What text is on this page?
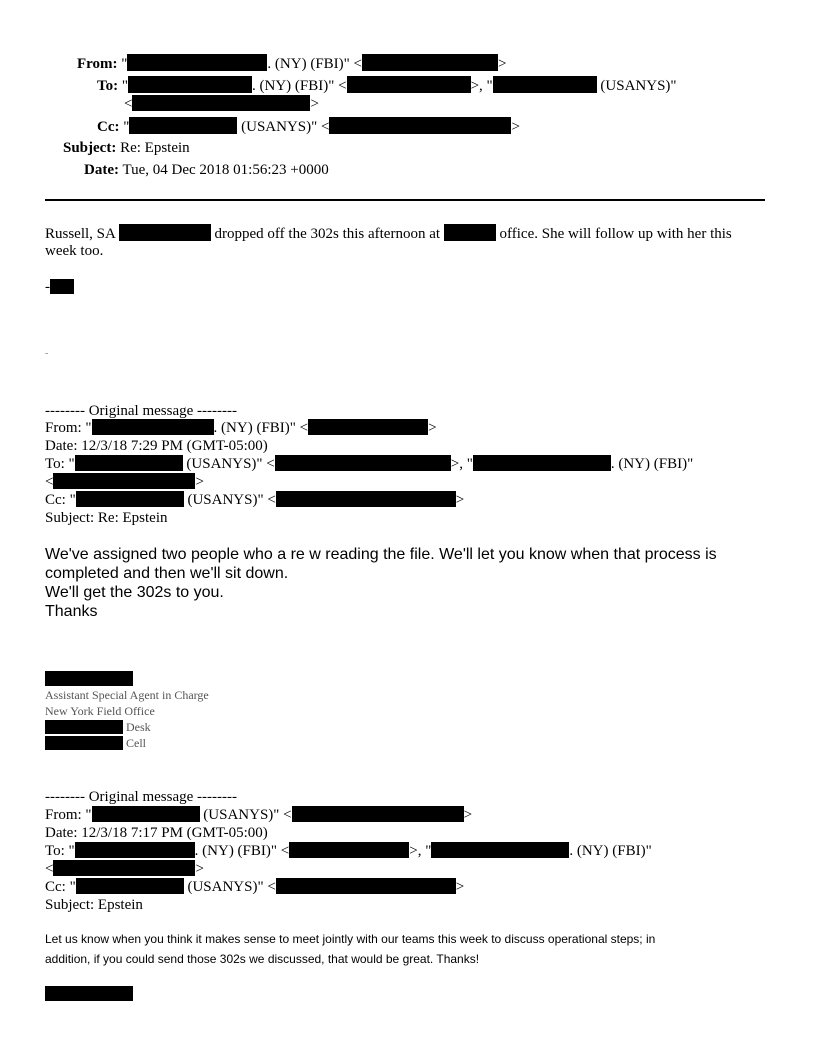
From: "	. (NY) (FBI)" <	>
To: "	. (NY) (FBI)" <	>, "	(USANYS)"
<	>
Cc: "	(USANYS)" <	>
Subject: Re: Epstein
Date: Tue, 04 Dec 2018 01:56:23 +0000
Russell, SA	dropped off the 302s this afternoon at	office. She will follow up with her this
week too.
-
-
-------- Original message --------
From: "	. (NY) (FBI)" <	>
Date: 12/3/18 7:29 PM (GMT-05:00)
To: "	(USANYS)" <	>, "	. (NY) (FBI)"
<	>
Cc: "	(USANYS)" <	>
Subject: Re: Epstein
We've assigned two people who a re w reading the file. We'll let you know when that process is
completed and then we'll sit down.
We'll get the 302s to you.
Thanks
Assistant Special Agent in Charge
New York Field Office
Desk
Cell
-------- Original message --------
From: "	(USANYS)" <	>
Date: 12/3/18 7:17 PM (GMT-05:00)
To: "	. (NY) (FBI)" <	>, "	. (NY) (FBI)"
<	>
Cc: "	(USANYS)" <	>
Subject: Epstein
Let us know when you think it makes sense to meet jointly with our teams this week to discuss operational steps; in
addition, if you could send those 302s we discussed, that would be great. Thanks!
